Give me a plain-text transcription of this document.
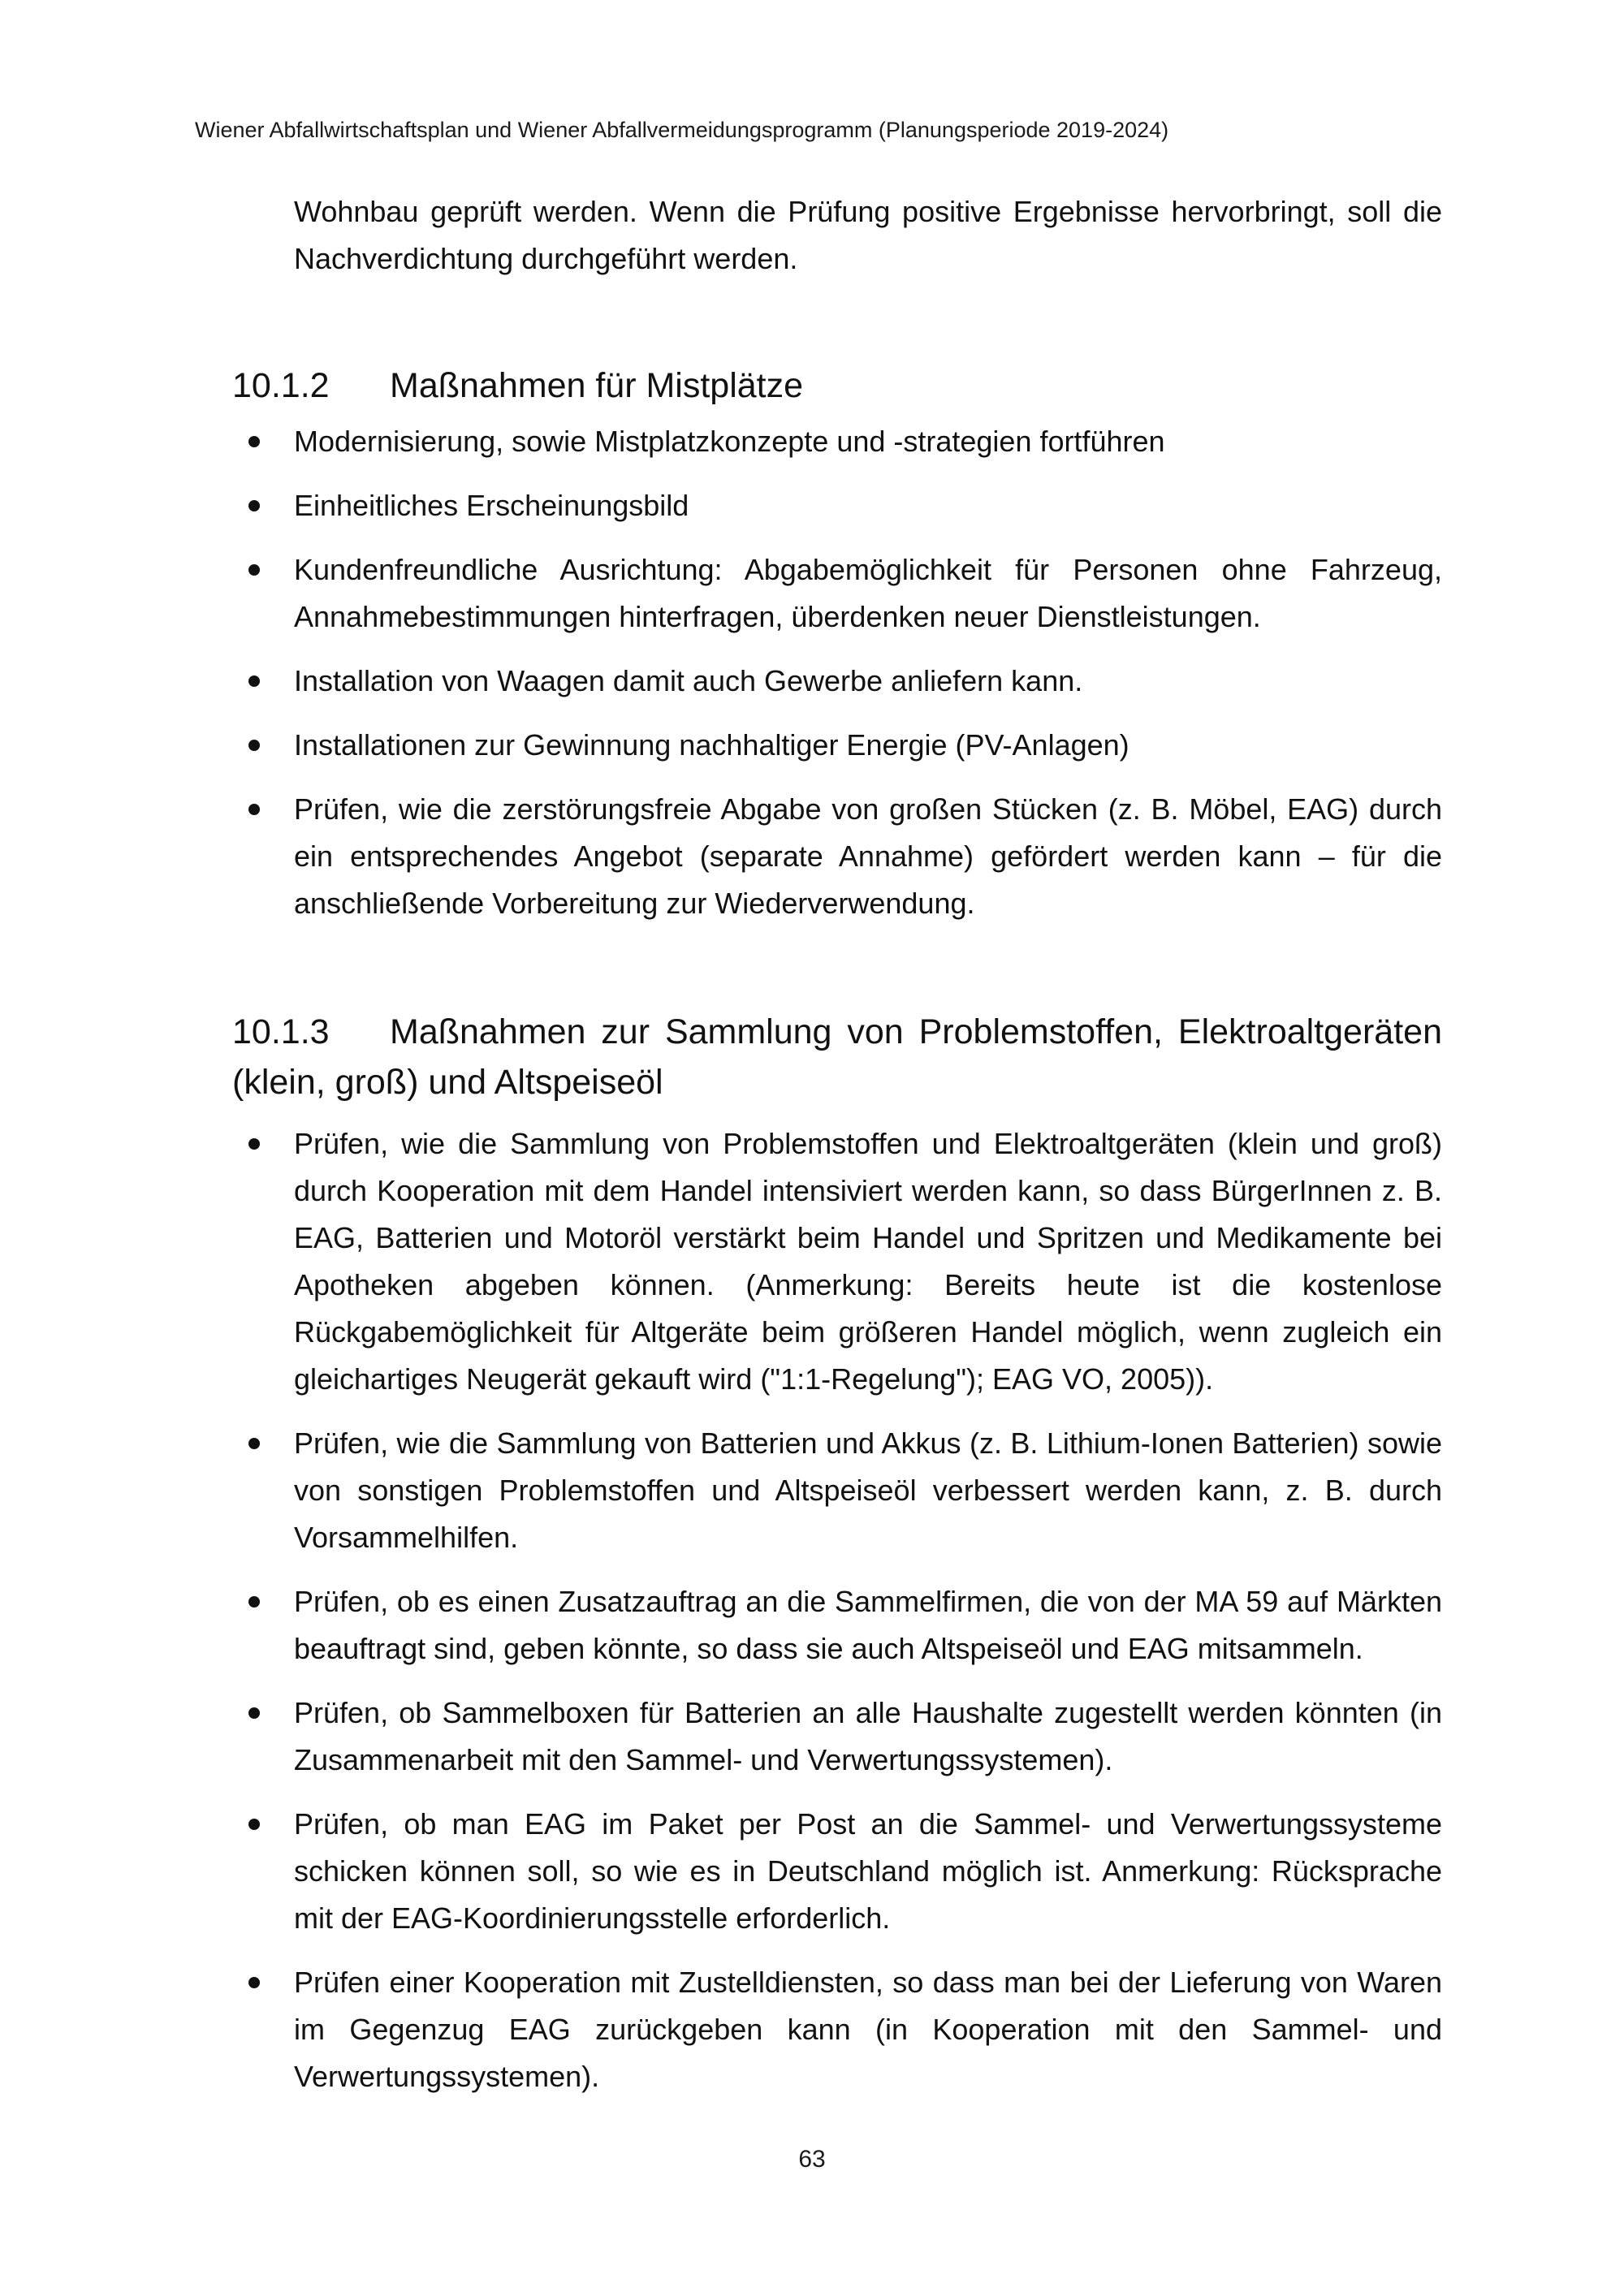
Wiener Abfallwirtschaftsplan und Wiener Abfallvermeidungsprogramm (Planungsperiode 2019-2024)
Wohnbau geprüft werden. Wenn die Prüfung positive Ergebnisse hervorbringt, soll die Nachverdichtung durchgeführt werden.
10.1.2 Maßnahmen für Mistplätze
Modernisierung, sowie Mistplatzkonzepte und -strategien fortführen
Einheitliches Erscheinungsbild
Kundenfreundliche Ausrichtung: Abgabemöglichkeit für Personen ohne Fahrzeug, Annahmebestimmungen hinterfragen, überdenken neuer Dienstleistungen.
Installation von Waagen damit auch Gewerbe anliefern kann.
Installationen zur Gewinnung nachhaltiger Energie (PV-Anlagen)
Prüfen, wie die zerstörungsfreie Abgabe von großen Stücken (z. B. Möbel, EAG) durch ein entsprechendes Angebot (separate Annahme) gefördert werden kann – für die anschließende Vorbereitung zur Wiederverwendung.
10.1.3 Maßnahmen zur Sammlung von Problemstoffen, Elektroaltgeräten (klein, groß) und Altspeiseöl
Prüfen, wie die Sammlung von Problemstoffen und Elektroaltgeräten (klein und groß) durch Kooperation mit dem Handel intensiviert werden kann, so dass BürgerInnen z. B. EAG, Batterien und Motoröl verstärkt beim Handel und Spritzen und Medikamente bei Apotheken abgeben können. (Anmerkung: Bereits heute ist die kostenlose Rückgabemöglichkeit für Altgeräte beim größeren Handel möglich, wenn zugleich ein gleichartiges Neugerät gekauft wird ("1:1-Regelung"); EAG VO, 2005)).
Prüfen, wie die Sammlung von Batterien und Akkus (z. B. Lithium-Ionen Batterien) sowie von sonstigen Problemstoffen und Altspeiseöl verbessert werden kann, z. B. durch Vorsammelhilfen.
Prüfen, ob es einen Zusatzauftrag an die Sammelfirmen, die von der MA 59 auf Märkten beauftragt sind, geben könnte, so dass sie auch Altspeiseöl und EAG mitsammeln.
Prüfen, ob Sammelboxen für Batterien an alle Haushalte zugestellt werden könnten (in Zusammenarbeit mit den Sammel- und Verwertungssystemen).
Prüfen, ob man EAG im Paket per Post an die Sammel- und Verwertungssysteme schicken können soll, so wie es in Deutschland möglich ist. Anmerkung: Rücksprache mit der EAG-Koordinierungsstelle erforderlich.
Prüfen einer Kooperation mit Zustelldiensten, so dass man bei der Lieferung von Waren im Gegenzug EAG zurückgeben kann (in Kooperation mit den Sammel- und Verwertungssystemen).
63
